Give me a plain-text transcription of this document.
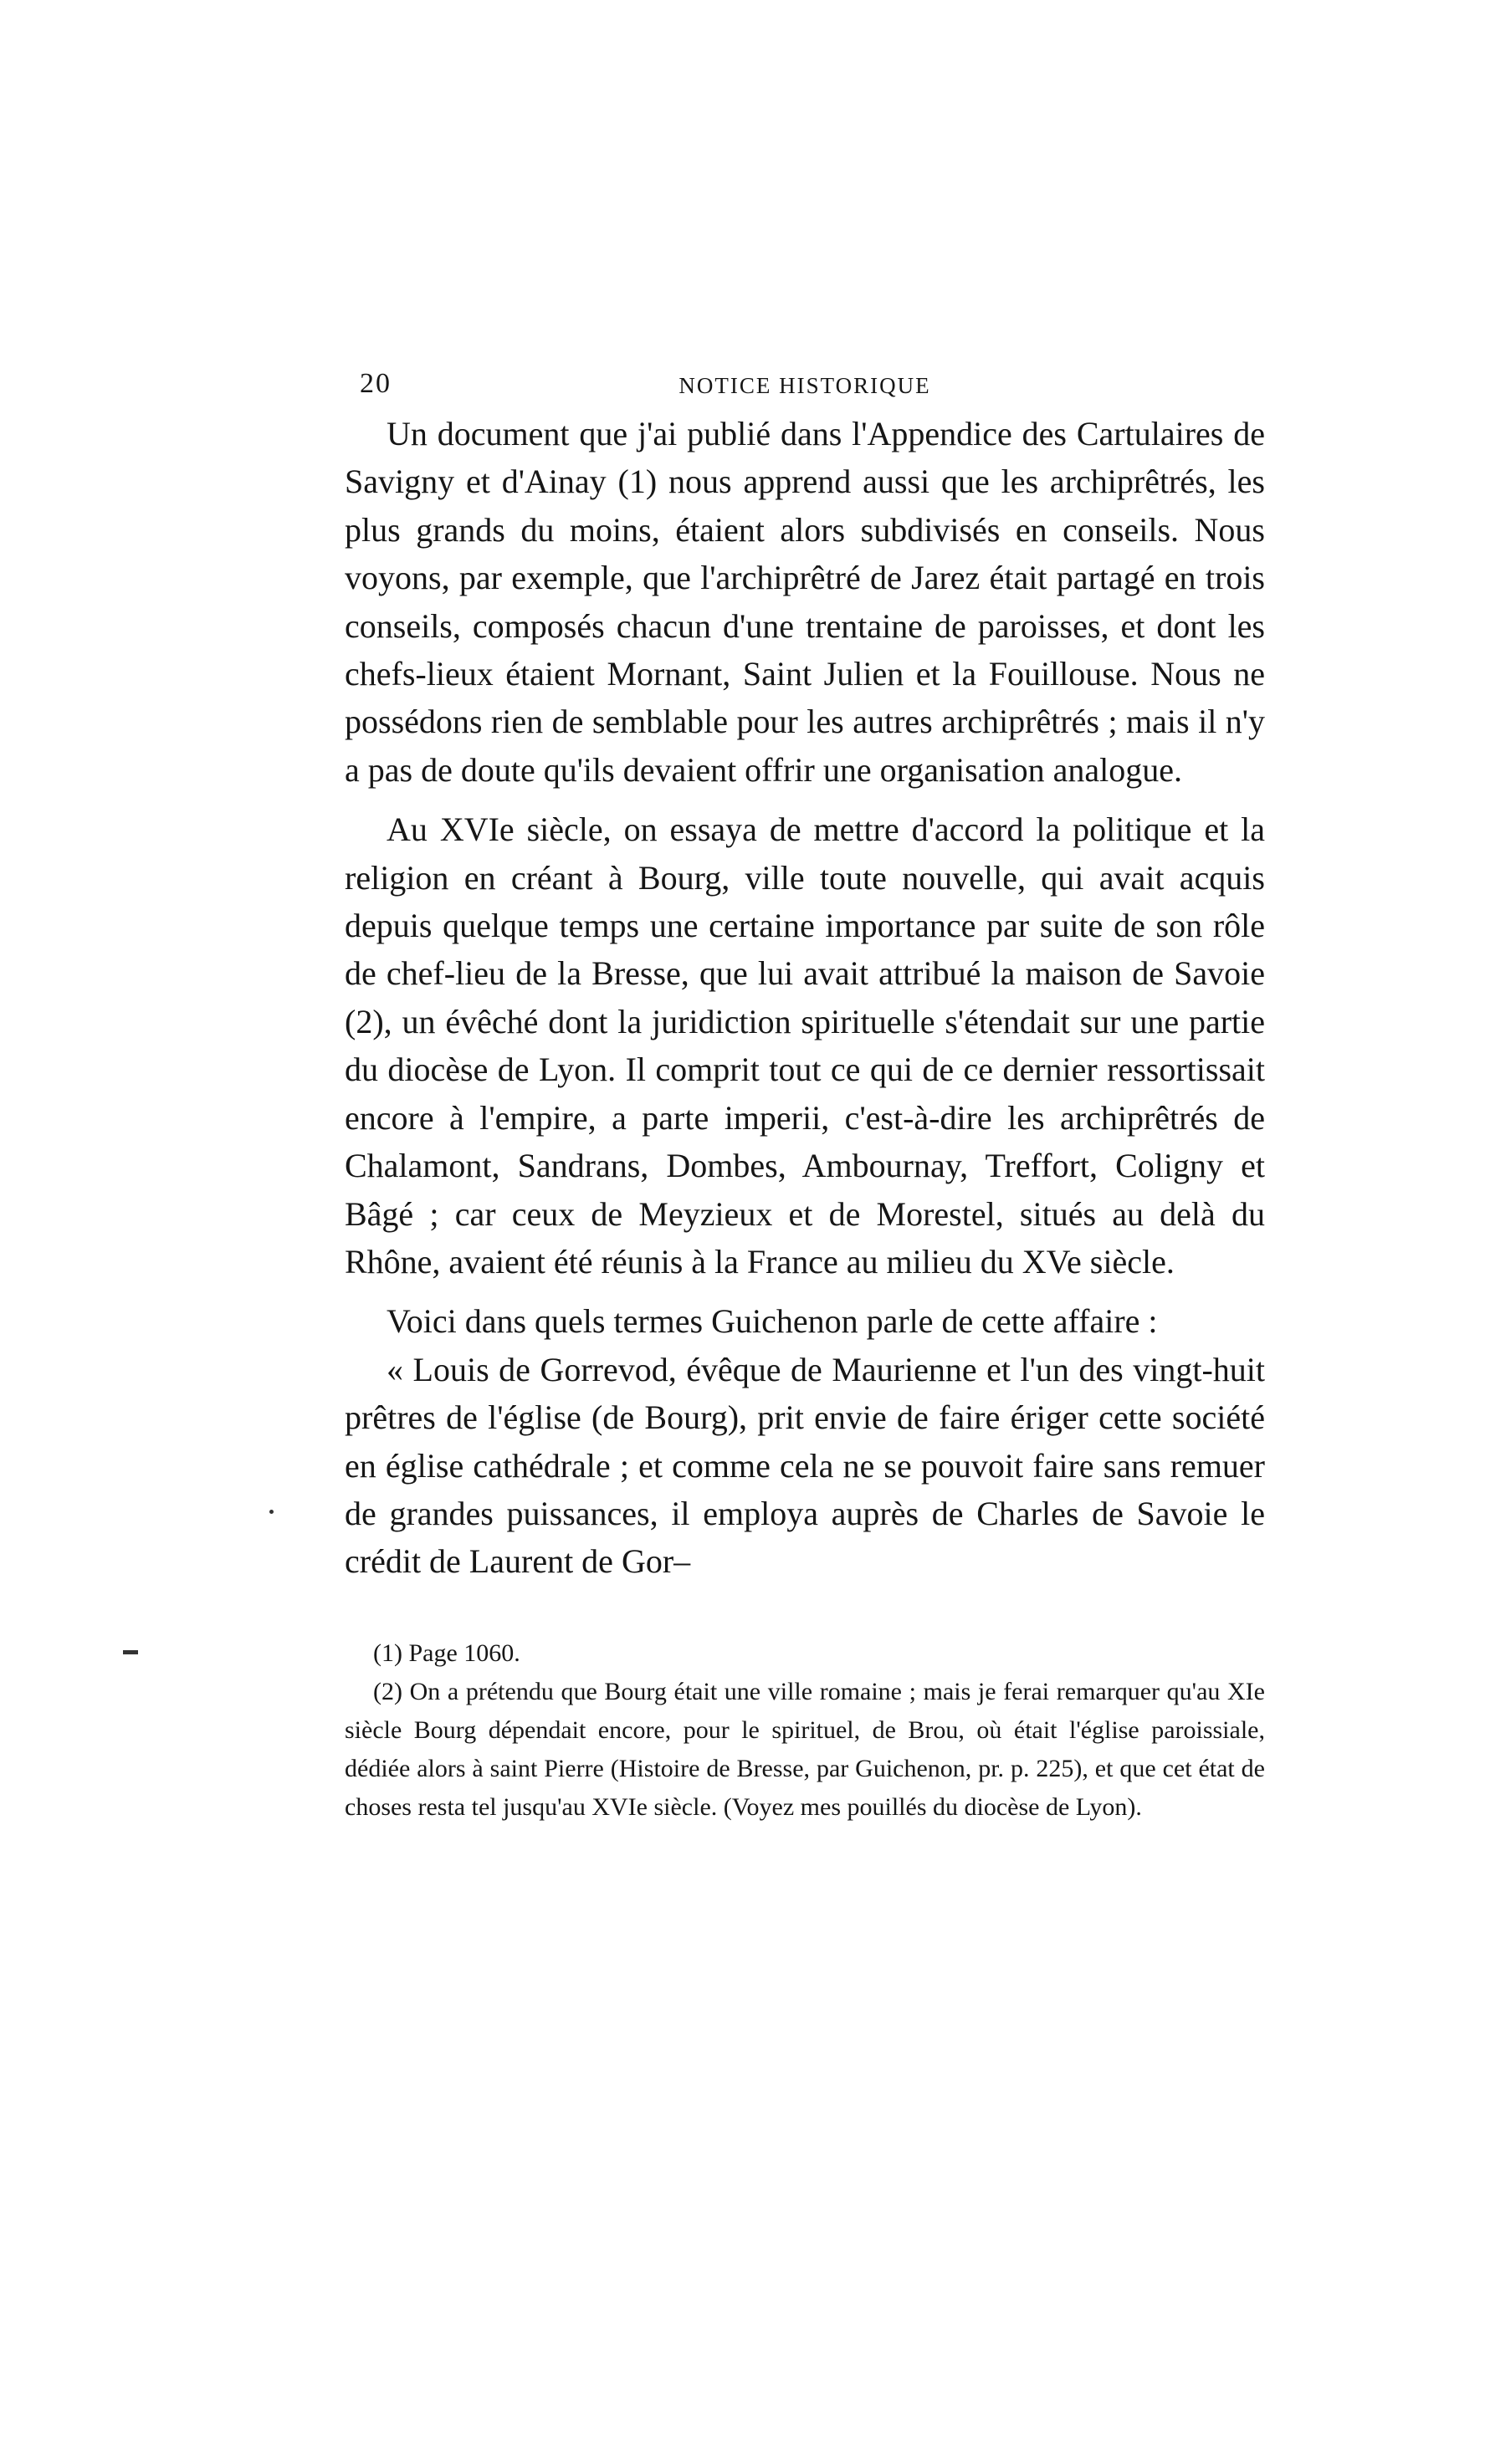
20	NOTICE HISTORIQUE

Un document que j'ai publié dans l'Appendice des Cartulaires de Savigny et d'Ainay (1) nous apprend aussi que les archiprêtrés, les plus grands du moins, étaient alors subdivisés en conseils. Nous voyons, par exemple, que l'archiprêtré de Jarez était partagé en trois conseils, composés chacun d'une trentaine de paroisses, et dont les chefs-lieux étaient Mornant, Saint Julien et la Fouillouse. Nous ne possédons rien de semblable pour les autres archiprêtrés ; mais il n'y a pas de doute qu'ils devaient offrir une organisation analogue.

Au XVIe siècle, on essaya de mettre d'accord la politique et la religion en créant à Bourg, ville toute nouvelle, qui avait acquis depuis quelque temps une certaine importance par suite de son rôle de chef-lieu de la Bresse, que lui avait attribué la maison de Savoie (2), un évêché dont la juridiction spirituelle s'étendait sur une partie du diocèse de Lyon. Il comprit tout ce qui de ce dernier ressortissait encore à l'empire, a parte imperii, c'est-à-dire les archiprêtrés de Chalamont, Sandrans, Dombes, Ambournay, Treffort, Coligny et Bâgé ; car ceux de Meyzieux et de Morestel, situés au delà du Rhône, avaient été réunis à la France au milieu du XVe siècle.

Voici dans quels termes Guichenon parle de cette affaire :

« Louis de Gorrevod, évêque de Maurienne et l'un des vingt-huit prêtres de l'église (de Bourg), prit envie de faire ériger cette société en église cathédrale ; et comme cela ne se pouvoit faire sans remuer de grandes puissances, il employa auprès de Charles de Savoie le crédit de Laurent de Gor–

(1) Page 1060.

(2) On a prétendu que Bourg était une ville romaine ; mais je ferai remarquer qu'au XIe siècle Bourg dépendait encore, pour le spirituel, de Brou, où était l'église paroissiale, dédiée alors à saint Pierre (Histoire de Bresse, par Guichenon, pr. p. 225), et que cet état de choses resta tel jusqu'au XVIe siècle. (Voyez mes pouillés du diocèse de Lyon).
